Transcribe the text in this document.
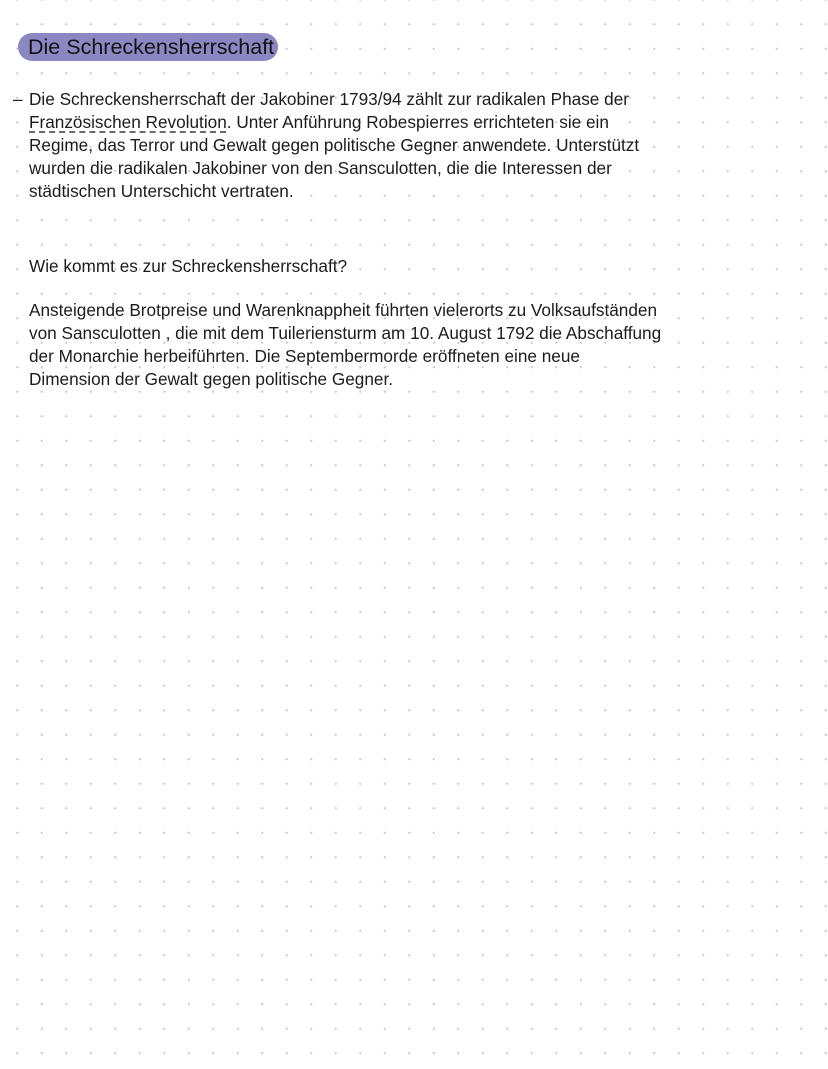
Die Schreckensherrschaft

– Die Schreckensherrschaft der Jakobiner 1793/94 zählt zur radikalen Phase der
Französischen Revolution. Unter Anführung Robespierres errichteten sie ein
Regime, das Terror und Gewalt gegen politische Gegner anwendete. Unterstützt
wurden die radikalen Jakobiner von den Sansculotten, die die Interessen der
städtischen Unterschicht vertraten.

Wie kommt es zur Schreckensherrschaft?

Ansteigende Brotpreise und Warenknappheit führten vielerorts zu Volksaufständen
von Sansculotten , die mit dem Tuileriensturm am 10. August 1792 die Abschaffung
der Monarchie herbeiführten. Die Septembermorde eröffneten eine neue
Dimension der Gewalt gegen politische Gegner.
